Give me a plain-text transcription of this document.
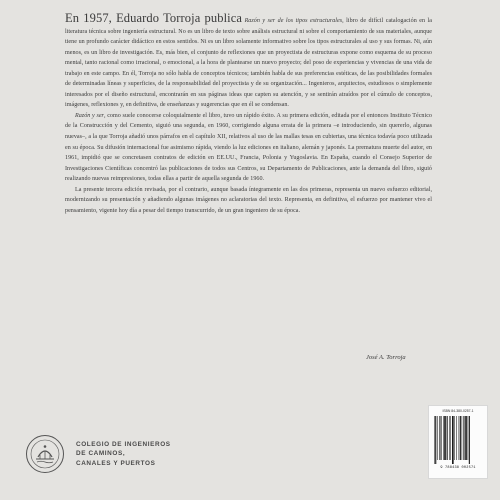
En 1957, Eduardo Torroja publica Razón y ser de los tipos estructurales, libro de difícil catalogación en la literatura técnica sobre ingeniería estructural. No es un libro de texto sobre análisis estructural ni sobre el comportamiento de sus materiales, aunque tiene un profundo carácter didáctico en estos sentidos. Ni es un libro solamente informativo sobre los tipos estructurales al uso y sus formas. Ni, aún menos, es un libro de investigación. Es, más bien, el conjunto de reflexiones que un proyectista de estructuras expone como esquema de su proceso mental, tanto racional como irracional, o emocional, a la hora de plantearse un nuevo proyecto; del poso de experiencias y vivencias de una vida de trabajo en este campo. En él, Torroja no sólo habla de conceptos técnicos; también habla de sus preferencias estéticas, de las posibilidades formales de determinadas líneas y superficies, de la responsabilidad del proyectista y de su organización... Ingenieros, arquitectos, estudiosos o simplemente interesados por el diseño estructural, encontrarán en sus páginas ideas que capten su atención, y se sentirán atraídos por el cúmulo de conceptos, imágenes, reflexiones y, en definitiva, de enseñanzas y sugerencias que en él se condensan.

Razón y ser, como suele conocerse coloquialmente el libro, tuvo un rápido éxito. A su primera edición, editada por el entonces Instituto Técnico de la Construcción y del Cemento, siguió una segunda, en 1960, corrigiendo alguna errata de la primera –e introduciendo, sin quererlo, algunas nuevas–, a la que Torroja añadió unos párrafos en el capítulo XII, relativos al uso de las mallas tesas en cubiertas, una técnica todavía poco utilizada en su época. Su difusión internacional fue asimismo rápida, viendo la luz ediciones en italiano, alemán y japonés. La prematura muerte del autor, en 1961, impidió que se concretasen contratos de edición en EE.UU., Francia, Polonia y Yugoslavia. En España, cuando el Consejo Superior de Investigaciones Científicas concentró las publicaciones de todos sus Centros, su Departamento de Publicaciones, ante la demanda del libro, siguió realizando nuevas reimpresiones, todas ellas a partir de aquella segunda de 1960.

La presente tercera edición revisada, por el contrario, aunque basada íntegramente en las dos primeras, representa un nuevo esfuerzo editorial, modernizando su presentación y añadiendo algunas imágenes no aclaratorias del texto. Representa, en definitiva, el esfuerzo por mantener vivo el pensamiento, vigente hoy día a pesar del tiempo transcurrido, de un gran ingeniero de su época.

José A. Torroja
COLEGIO DE INGENIEROS
DE CAMINOS,
CANALES Y PUERTOS
ISBN 84-380-0257-1
9 788438 002571
